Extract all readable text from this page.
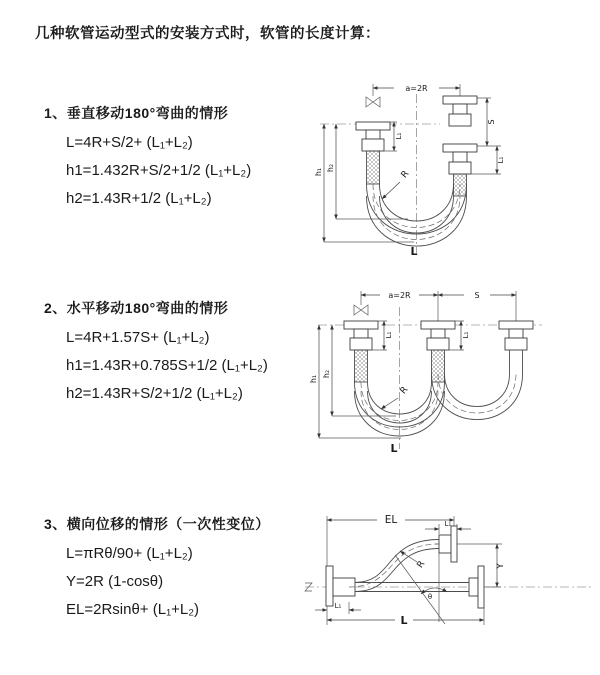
几种软管运动型式的安装方式时，软管的长度计算：
1、垂直移动180°弯曲的情形
L=4R+S/2+ (L₁+L₂)
h1=1.432R+S/2+1/2 (L₁+L₂)
h2=1.43R+1/2 (L₁+L₂)
a=2R
L₁
h₁ h₂
S
L₁
R
L
2、水平移动180°弯曲的情形
L=4R+1.57S+ (L₁+L₂)
h1=1.43R+0.785S+1/2 (L₁+L₂)
h2=1.43R+S/2+1/2 (L₁+L₂)
a=2R	S
L₁	L₁
h₁
h₂
R
L
3、横向位移的情形（一次性变位）
L=πRθ/90+ (L₁+L₂)
Y=2R (1-cosθ)
EL=2Rsinθ+ (L₁+L₂)
EL	L₁
Y
θ
R
L₁
L
